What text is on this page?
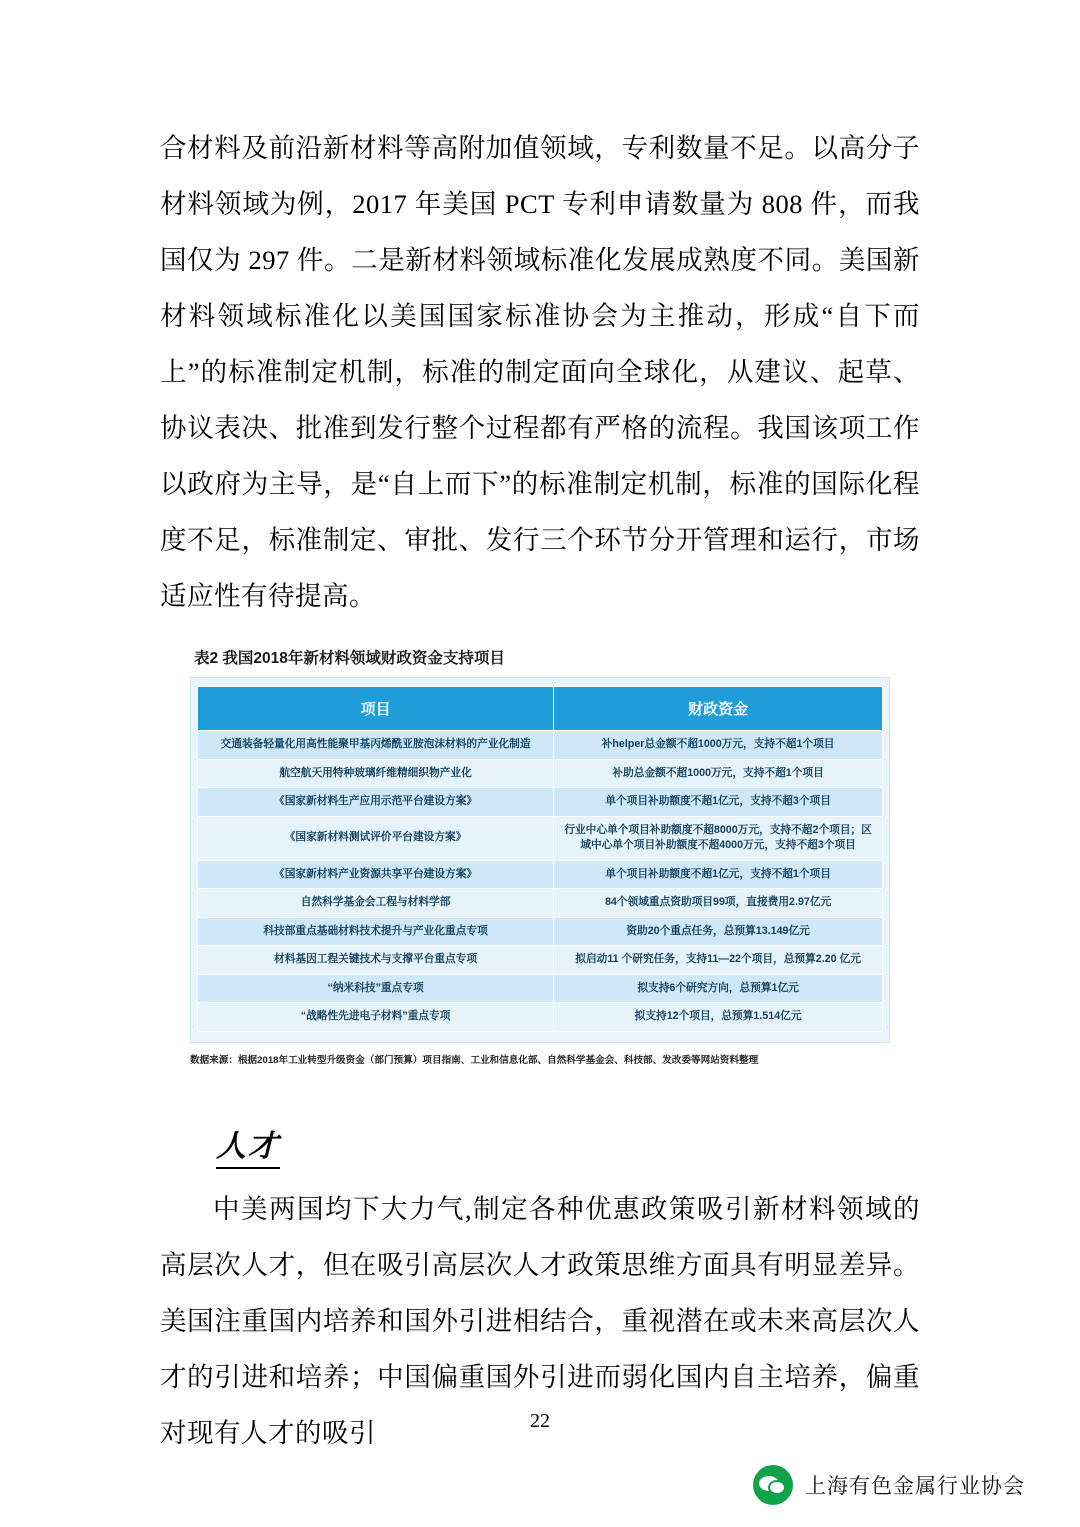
合材料及前沿新材料等高附加值领域，专利数量不足。以高分子材料领域为例，2017 年美国 PCT 专利申请数量为 808 件，而我国仅为 297 件。二是新材料领域标准化发展成熟度不同。美国新材料领域标准化以美国国家标准协会为主推动，形成“自下而上”的标准制定机制，标准的制定面向全球化，从建议、起草、协议表决、批准到发行整个过程都有严格的流程。我国该项工作以政府为主导，是“自上而下”的标准制定机制，标准的国际化程度不足，标准制定、审批、发行三个环节分开管理和运行，市场适应性有待提高。

表2 我国2018年新材料领域财政资金支持项目
项目	财政资金
交通装备轻量化用高性能聚甲基丙烯酰亚胺泡沫材料的产业化制造	补helper总金额不超1000万元，支持不超1个项目
航空航天用特种玻璃纤维精细织物产业化	补助总金额不超1000万元，支持不超1个项目
《国家新材料生产应用示范平台建设方案》	单个项目补助额度不超1亿元，支持不超3个项目
《国家新材料测试评价平台建设方案》	行业中心单个项目补助额度不超8000万元，支持不超2个项目；区域中心单个项目补助额度不超4000万元，支持不超3个项目
《国家新材料产业资源共享平台建设方案》	单个项目补助额度不超1亿元，支持不超1个项目
自然科学基金会工程与材料学部	84个领域重点资助项目99项，直接费用2.97亿元
科技部重点基础材料技术提升与产业化重点专项	资助20个重点任务，总预算13.149亿元
材料基因工程关键技术与支撑平台重点专项	拟启动11 个研究任务，支持11—22个项目，总预算2.20 亿元
“纳米科技”重点专项	拟支持6个研究方向，总预算1亿元
“战略性先进电子材料”重点专项	拟支持12个项目，总预算1.514亿元
数据来源：根据2018年工业转型升级资金（部门预算）项目指南、工业和信息化部、自然科学基金会、科技部、发改委等网站资料整理
人才

中美两国均下大力气,制定各种优惠政策吸引新材料领域的高层次人才，但在吸引高层次人才政策思维方面具有明显差异。美国注重国内培养和国外引进相结合，重视潜在或未来高层次人才的引进和培养；中国偏重国外引进而弱化国内自主培养，偏重对现有人才的吸引	22
上海有色金属行业协会
